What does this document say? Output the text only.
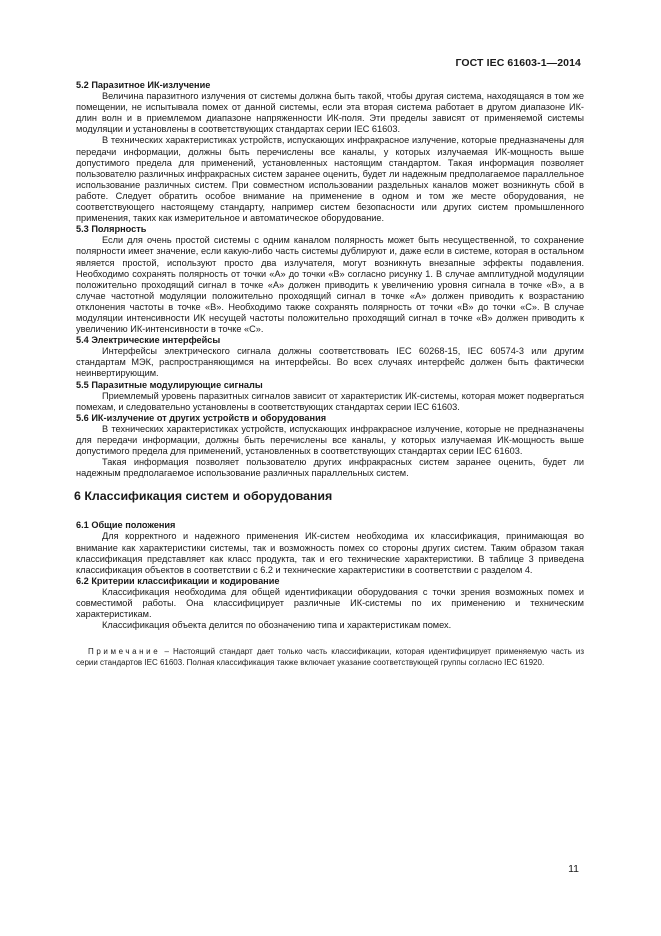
ГОСТ IEC 61603-1—2014
5.2 Паразитное ИК-излучение

Величина паразитного излучения от системы должна быть такой, чтобы другая система, находящаяся в том же помещении, не испытывала помех от данной системы, если эта вторая система работает в другом диапазоне ИК-длин волн и в приемлемом диапазоне напряженности ИК-поля. Эти пределы зависят от применяемой системы модуляции и установлены в соответствующих стандартах серии IEC 61603.

В технических характеристиках устройств, испускающих инфракрасное излучение, которые предназначены для передачи информации, должны быть перечислены все каналы, у которых излучаемая ИК-мощность выше допустимого предела для применений, установленных настоящим стандартом. Такая информация позволяет пользователю различных инфракрасных систем заранее оценить, будет ли надежным предполагаемое параллельное использование различных систем. При совместном использовании раздельных каналов может возникнуть сбой в работе. Следует обратить особое внимание на применение в одном и том же месте оборудования, не соответствующего настоящему стандарту, например систем безопасности или других систем промышленного применения, таких как измерительное и автоматическое оборудование.

5.3 Полярность

Если для очень простой системы с одним каналом полярность может быть несущественной, то сохранение полярности имеет значение, если какую-либо часть системы дублируют и, даже если в системе, которая в остальном является простой, используют просто два излучателя, могут возникнуть внезапные эффекты подавления. Необходимо сохранять полярность от точки «А» до точки «В» согласно рисунку 1. В случае амплитудной модуляции положительно проходящий сигнал в точке «А» должен приводить к увеличению уровня сигнала в точке «В», а в случае частотной модуляции положительно проходящий сигнал в точке «А» должен приводить к возрастанию отклонения частоты в точке «В». Необходимо также сохранять полярность от точки «В» до точки «С». В случае модуляции интенсивности ИК несущей частоты положительно проходящий сигнал в точке «В» должен приводить к увеличению ИК-интенсивности в точке «С».

5.4 Электрические интерфейсы

Интерфейсы электрического сигнала должны соответствовать IEC 60268-15, IEC 60574-3 или другим стандартам МЭК, распространяющимся на интерфейсы. Во всех случаях интерфейс должен быть фактически неинвертирующим.

5.5 Паразитные модулирующие сигналы

Приемлемый уровень паразитных сигналов зависит от характеристик ИК-системы, которая может подвергаться помехам, и следовательно установлены в соответствующих стандартах серии IEC 61603.

5.6 ИК-излучение от других устройств и оборудования

В технических характеристиках устройств, испускающих инфракрасное излучение, которые не предназначены для передачи информации, должны быть перечислены все каналы, у которых излучаемая ИК-мощность выше допустимого предела для применений, установленных в соответствующих стандартах серии IEC 61603.

Такая информация позволяет пользователю других инфракрасных систем заранее оценить, будет ли надежным предполагаемое использование различных параллельных систем.

6 Классификация систем и оборудования
6.1 Общие положения

Для корректного и надежного применения ИК-систем необходима их классификация, принимающая во внимание как характеристики системы, так и возможность помех со стороны других систем. Таким образом такая классификация представляет как класс продукта, так и его технические характеристики. В таблице 3 приведена классификация объектов в соответствии с 6.2 и технические характеристики в соответствии с разделом 4.

6.2 Критерии классификации и кодирование

Классификация необходима для общей идентификации оборудования с точки зрения возможных помех и совместимой работы. Она классифицирует различные ИК-системы по их применению и техническим характеристикам.

Классификация объекта делится по обозначению типа и характеристикам помех.

Примечание – Настоящий стандарт дает только часть классификации, которая идентифицирует применяемую часть из серии стандартов IEC 61603. Полная классификация также включает указание соответствующей группы согласно IEC 61920.

11
